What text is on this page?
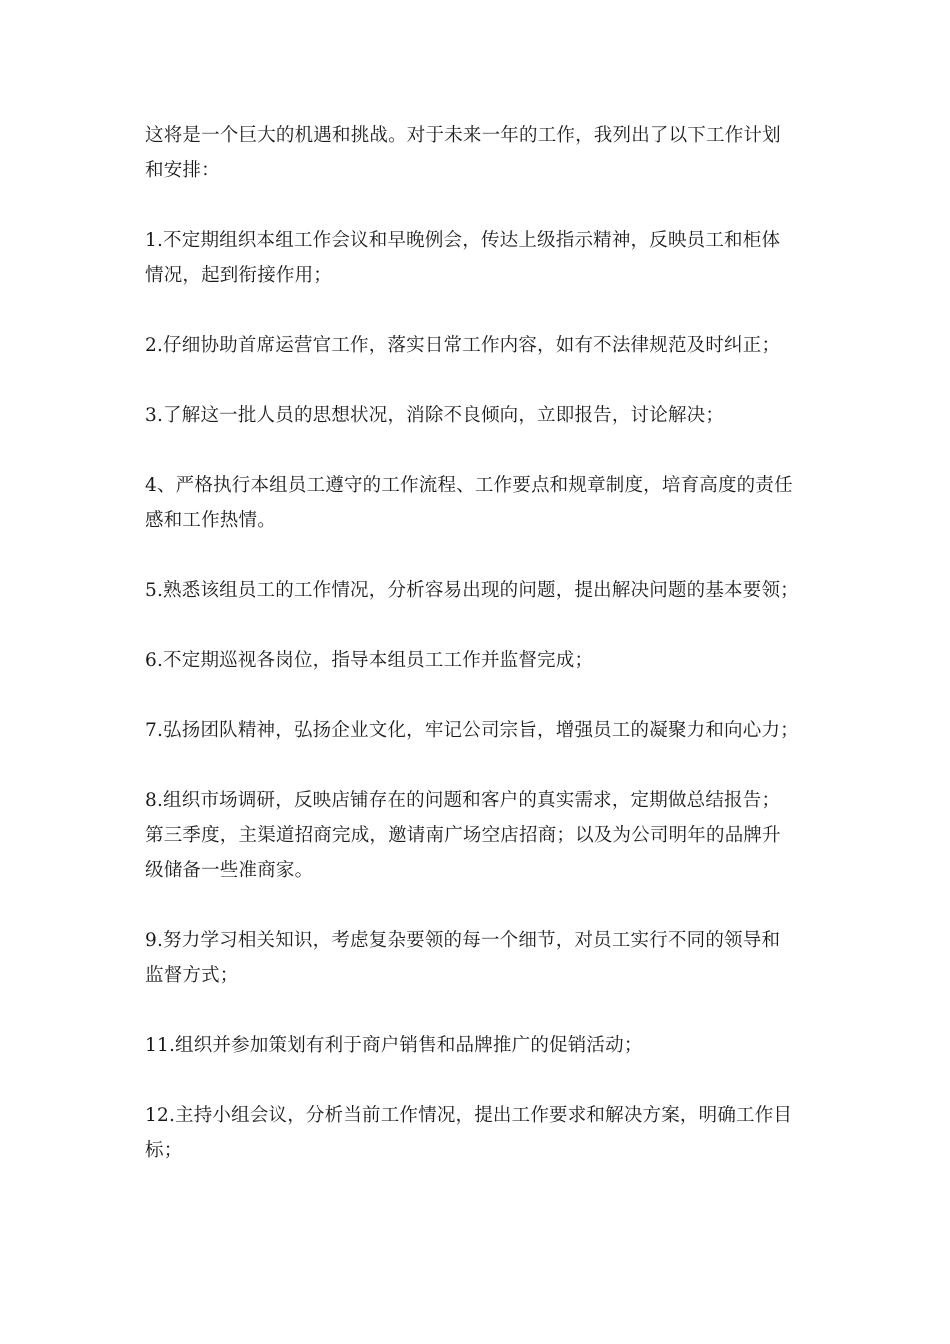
这将是一个巨大的机遇和挑战。对于未来一年的工作，我列出了以下工作计划
和安排：

1.不定期组织本组工作会议和早晚例会，传达上级指示精神，反映员工和柜体
情况，起到衔接作用；

2.仔细协助首席运营官工作，落实日常工作内容，如有不法律规范及时纠正；

3.了解这一批人员的思想状况，消除不良倾向，立即报告，讨论解决；

4、严格执行本组员工遵守的工作流程、工作要点和规章制度，培育高度的责任
感和工作热情。

5.熟悉该组员工的工作情况，分析容易出现的问题，提出解决问题的基本要领；

6.不定期巡视各岗位，指导本组员工工作并监督完成；

7.弘扬团队精神，弘扬企业文化，牢记公司宗旨，增强员工的凝聚力和向心力；

8.组织市场调研，反映店铺存在的问题和客户的真实需求，定期做总结报告；
第三季度，主渠道招商完成，邀请南广场空店招商；以及为公司明年的品牌升
级储备一些准商家。

9.努力学习相关知识，考虑复杂要领的每一个细节，对员工实行不同的领导和
监督方式；

11.组织并参加策划有利于商户销售和品牌推广的促销活动；

12.主持小组会议，分析当前工作情况，提出工作要求和解决方案，明确工作目
标；
